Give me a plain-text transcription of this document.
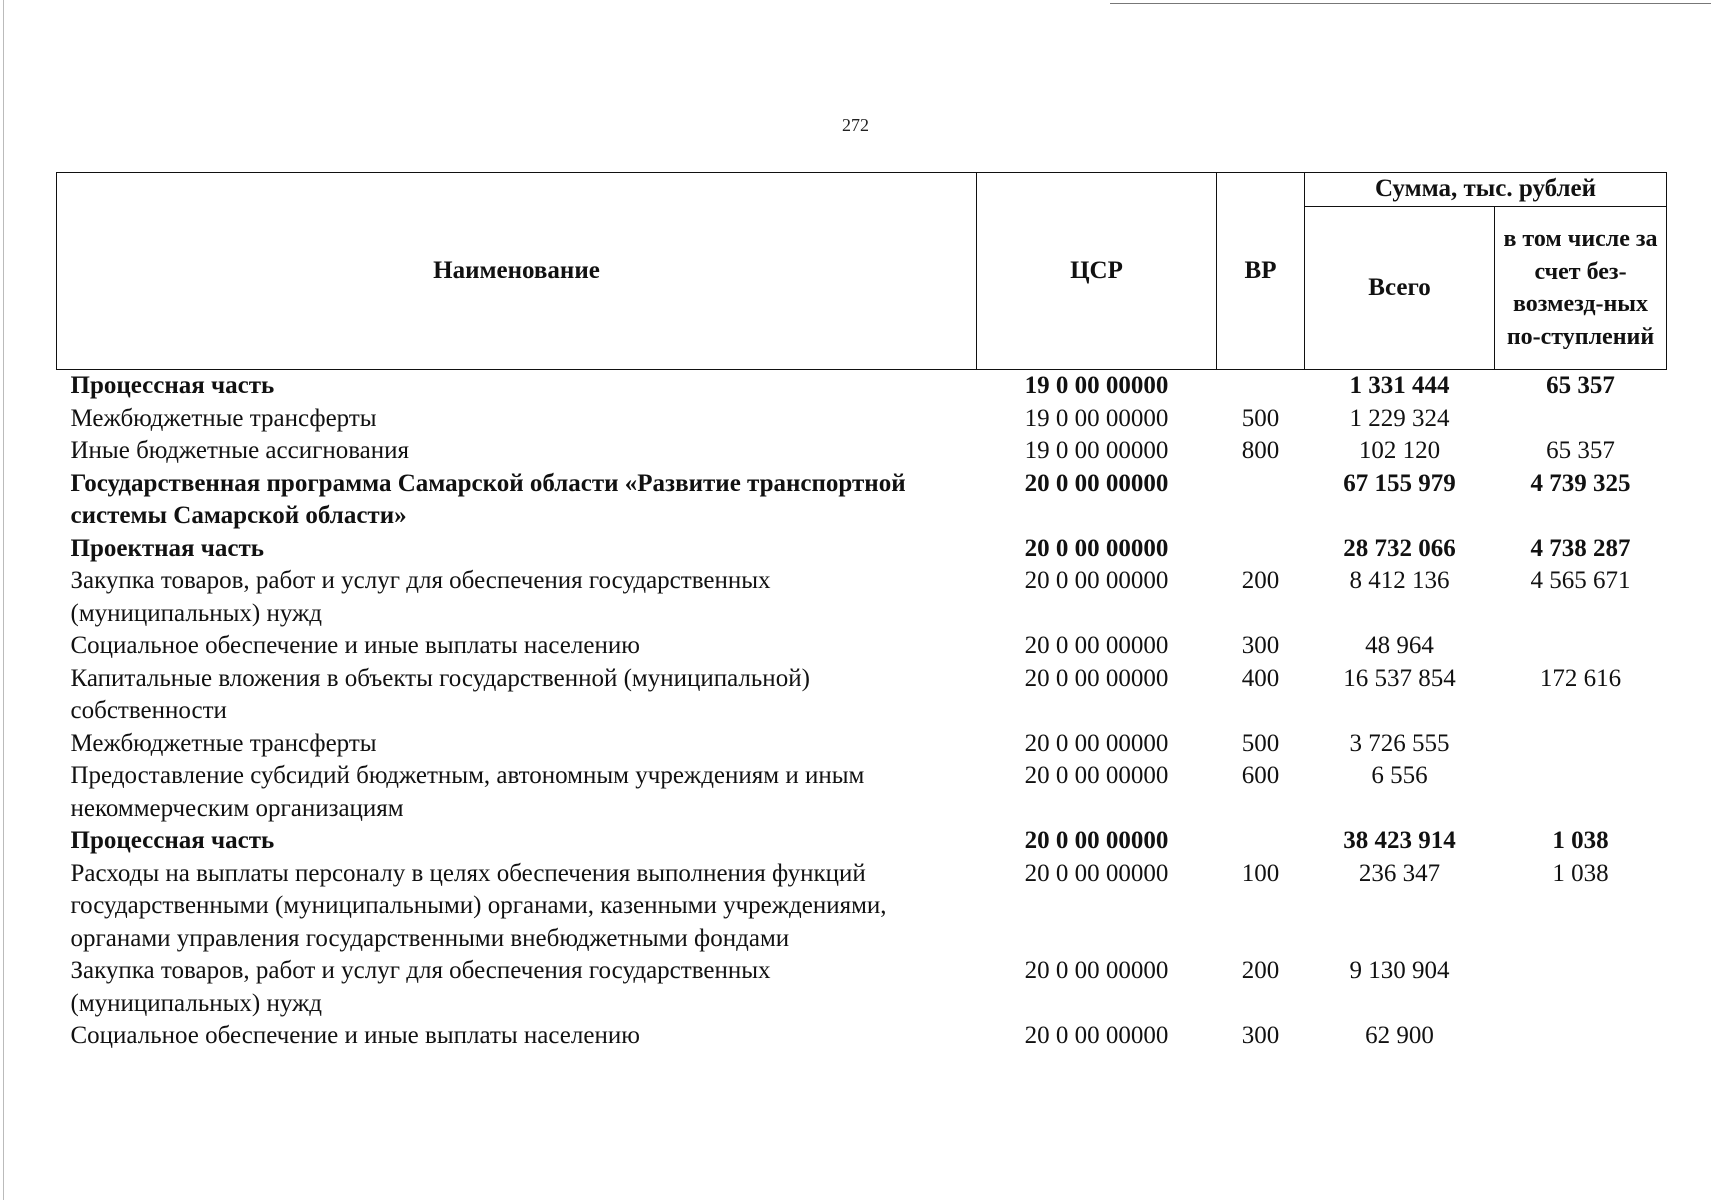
272
Наименование	ЦСР	ВР	Сумма, тыс. рублей	
			Всего	в том числе за счет без-возмезд-ных по-ступлений
Процессная часть	19 0 00 00000		1 331 444	65 357
Межбюджетные трансферты	19 0 00 00000	500	1 229 324	
Иные бюджетные ассигнования	19 0 00 00000	800	102 120	65 357
Государственная программа Самарской области «Развитие транспортной системы Самарской области»	20 0 00 00000		67 155 979	4 739 325
Проектная часть	20 0 00 00000		28 732 066	4 738 287
Закупка товаров, работ и услуг для обеспечения государственных (муниципальных) нужд	20 0 00 00000	200	8 412 136	4 565 671
Социальное обеспечение и иные выплаты населению	20 0 00 00000	300	48 964	
Капитальные вложения в объекты государственной (муниципальной) собственности	20 0 00 00000	400	16 537 854	172 616
Межбюджетные трансферты	20 0 00 00000	500	3 726 555	
Предоставление субсидий бюджетным, автономным учреждениям и иным некоммерческим организациям	20 0 00 00000	600	6 556	
Процессная часть	20 0 00 00000		38 423 914	1 038
Расходы на выплаты персоналу в целях обеспечения выполнения функций государственными (муниципальными) органами, казенными учреждениями, органами управления государственными внебюджетными фондами	20 0 00 00000	100	236 347	1 038
Закупка товаров, работ и услуг для обеспечения государственных (муниципальных) нужд	20 0 00 00000	200	9 130 904	
Социальное обеспечение и иные выплаты населению	20 0 00 00000	300	62 900	
